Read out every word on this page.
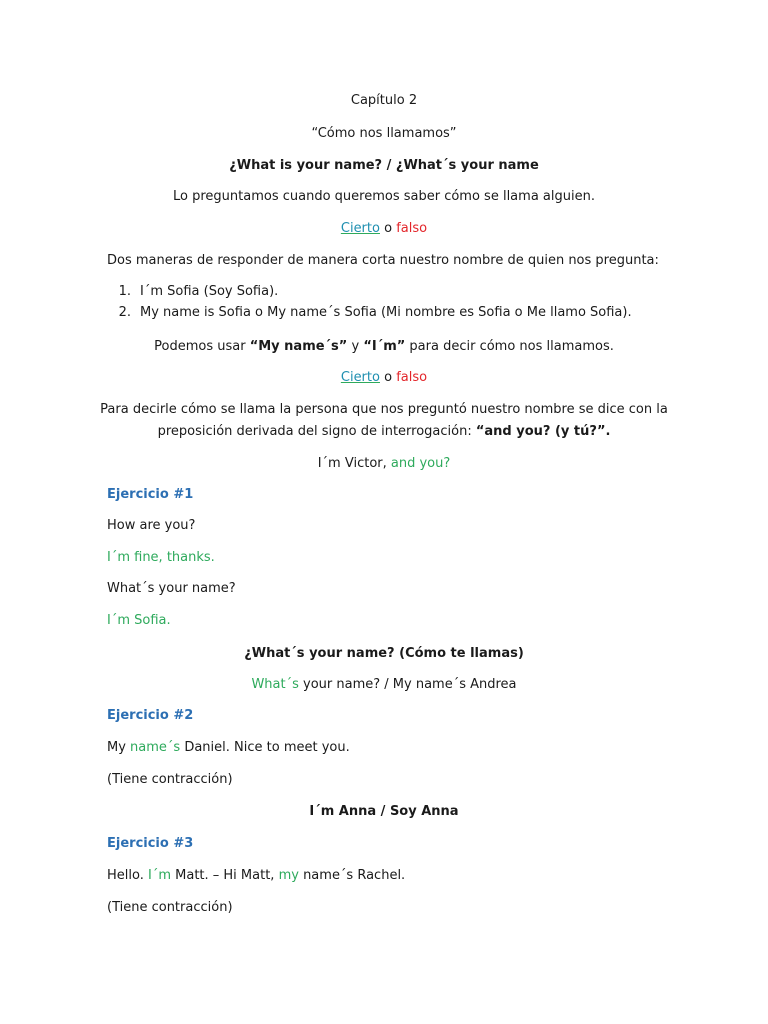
Capítulo 2
“Cómo nos llamamos”
¿What is your name? / ¿What´s your name
Lo preguntamos cuando queremos saber cómo se llama alguien.
Cierto o falso
Dos maneras de responder de manera corta nuestro nombre de quien nos pregunta:
1. I´m Sofia (Soy Sofia).
2. My name is Sofia o My name´s Sofia (Mi nombre es Sofia o Me llamo Sofia).
Podemos usar “My name´s” y “I´m” para decir cómo nos llamamos.
Cierto o falso
Para decirle cómo se llama la persona que nos preguntó nuestro nombre se dice con la
preposición derivada del signo de interrogación: “and you? (y tú?”.
I´m Victor, and you?
Ejercicio #1
How are you?
I´m fine, thanks.
What´s your name?
I´m Sofia.
¿What´s your name? (Cómo te llamas)
What´s your name? / My name´s Andrea
Ejercicio #2
My name´s Daniel. Nice to meet you.
(Tiene contracción)
I´m Anna / Soy Anna
Ejercicio #3
Hello. I´m Matt. – Hi Matt, my name´s Rachel.
(Tiene contracción)
